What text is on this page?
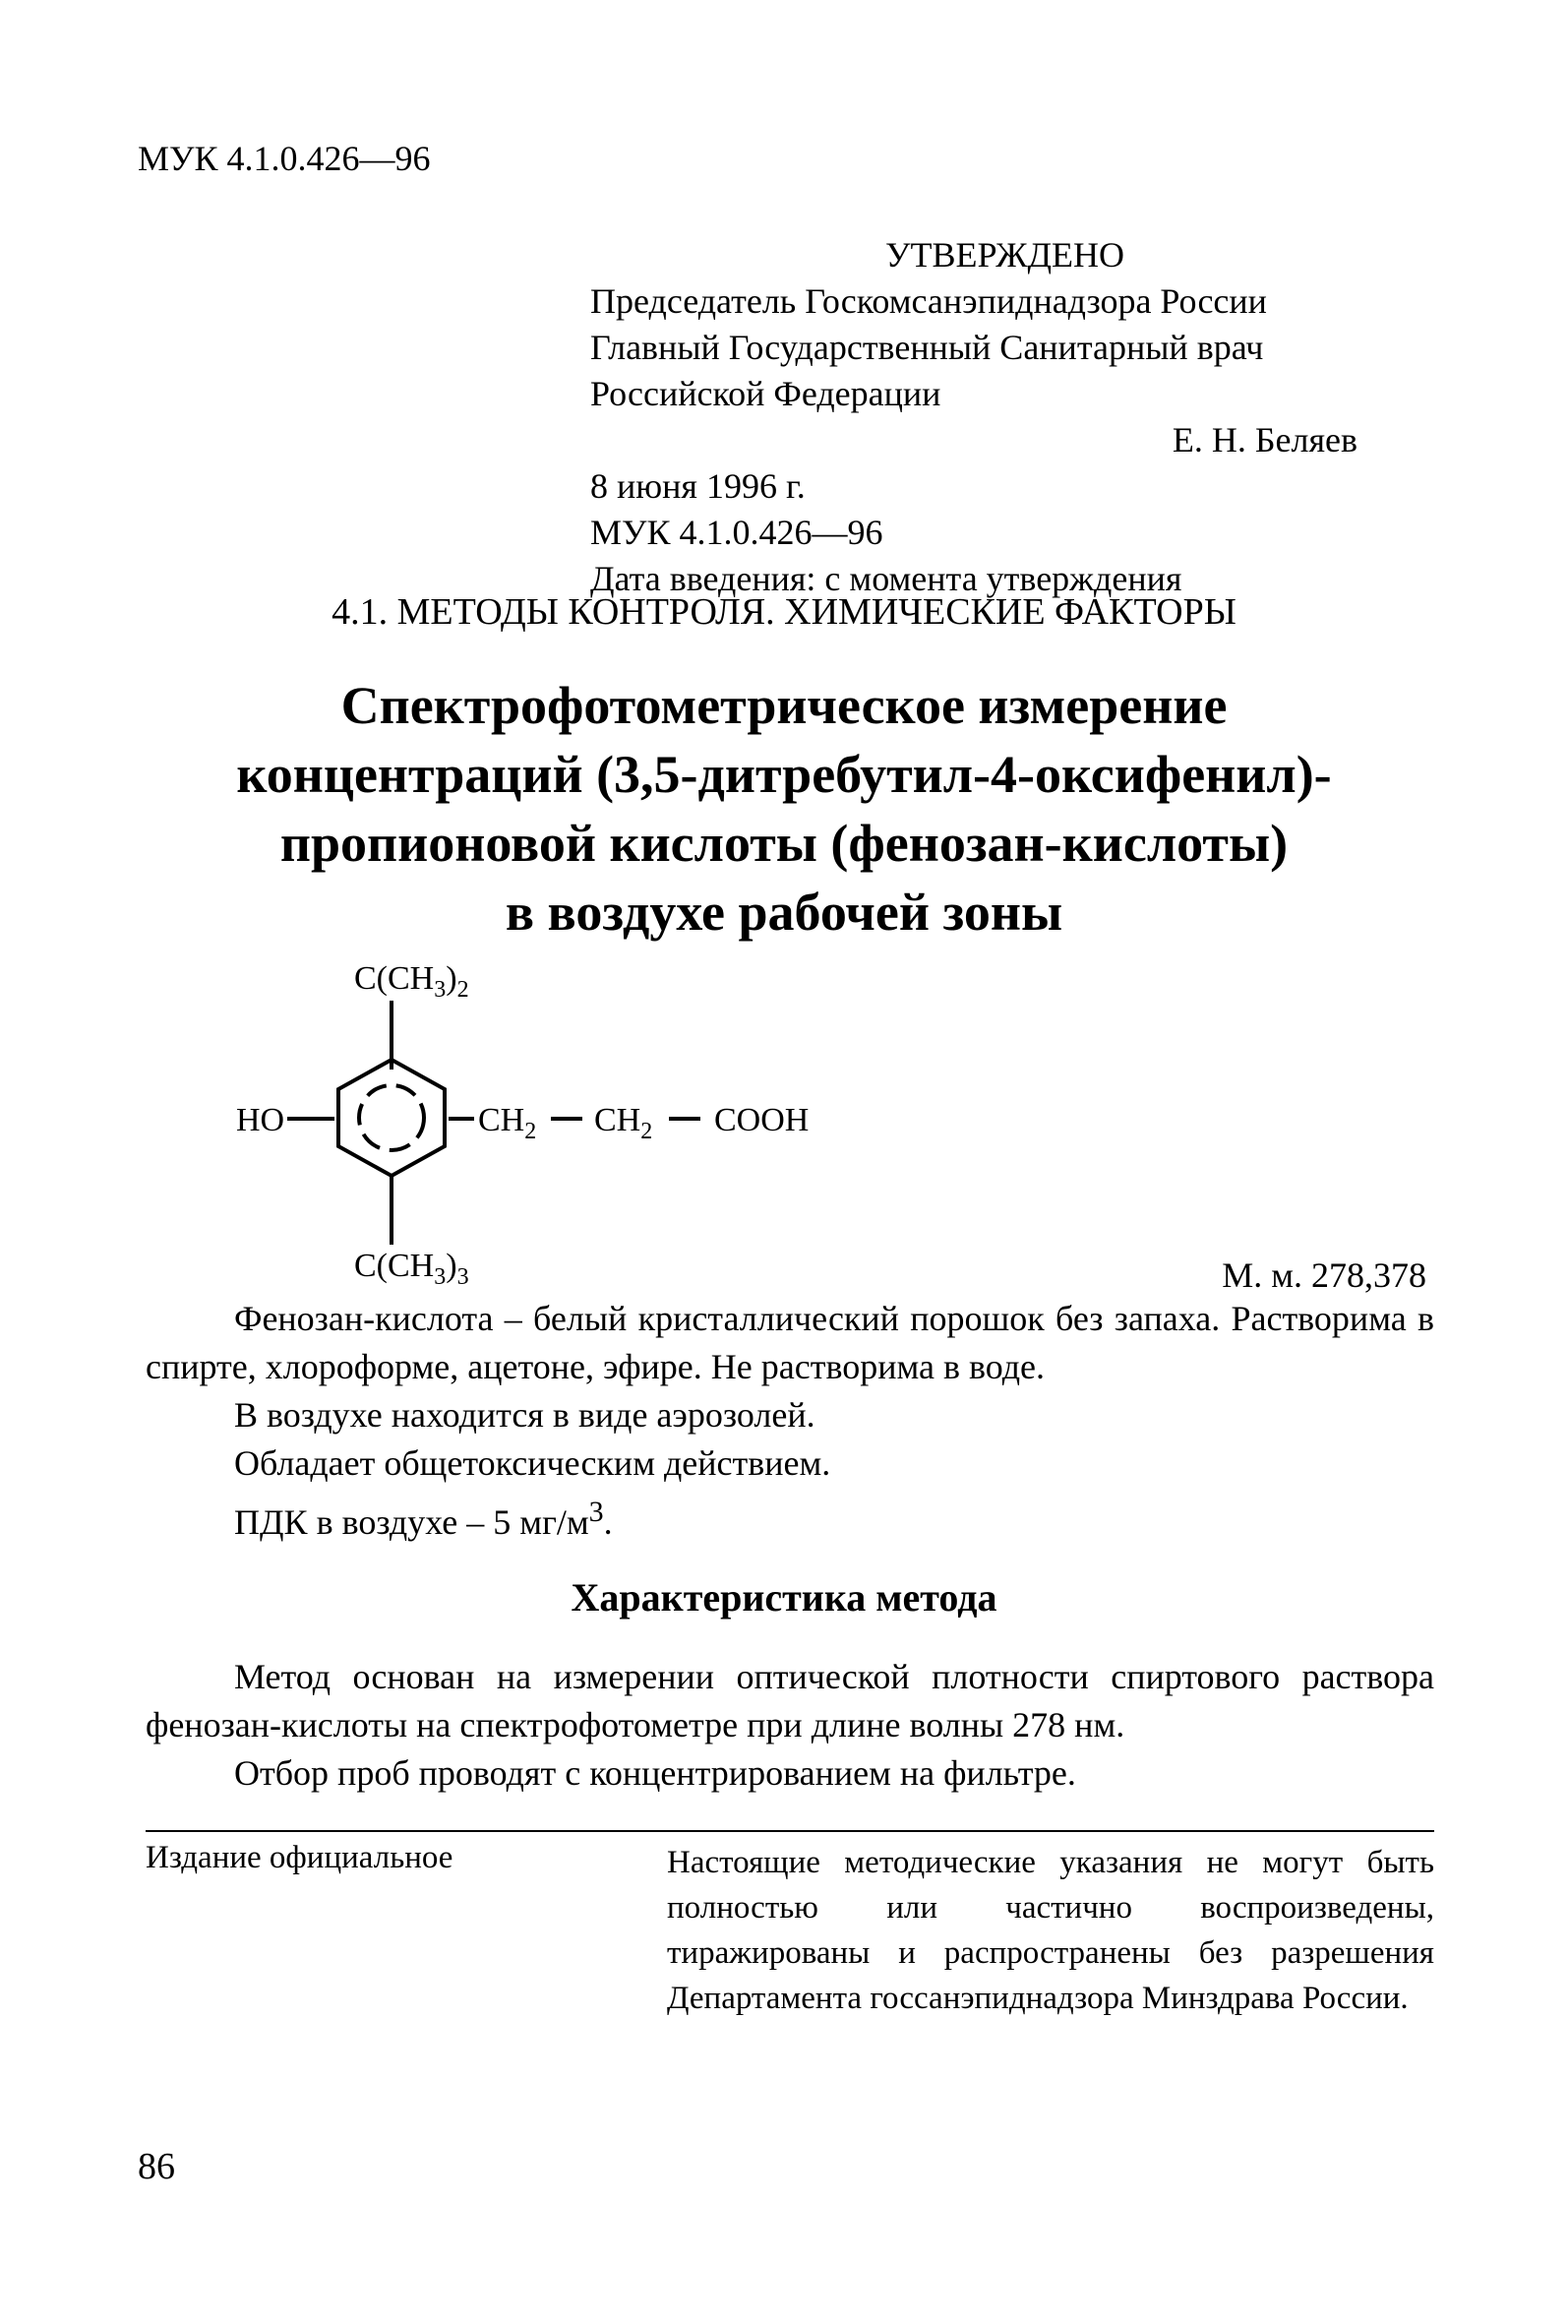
МУК 4.1.0.426—96
УТВЕРЖДЕНО
Председатель Госкомсанэпиднадзора России
Главный Государственный Санитарный врач
Российской Федерации
Е. Н. Беляев
8 июня 1996 г.
МУК 4.1.0.426—96
Дата введения: с момента утверждения
4.1. МЕТОДЫ КОНТРОЛЯ. ХИМИЧЕСКИЕ ФАКТОРЫ
Спектрофотометрическое измерение
концентраций (3,5-дитребутил-4-оксифенил)-
пропионовой кислоты (фенозан-кислоты)
в воздухе рабочей зоны
$C(CH_3)_2$
$C(CH_3)_3$
HO	$CH_2$ $CH_2$ COOH
М. м. 278,378
Фенозан-кислота – белый кристаллический порошок без запаха. Растворима в спирте, хлороформе, ацетоне, эфире. Не растворима в воде.
В воздухе находится в виде аэрозолей.
Обладает общетоксическим действием.
ПДК в воздухе – 5 $мг/м^3$.
Характеристика метода
Метод основан на измерении оптической плотности спиртового раствора фенозан-кислоты на спектрофотометре при длине волны 278 нм.
Отбор проб проводят с концентрированием на фильтре.
Издание официальное	Настоящие методические указания не могут быть полностью или частично воспроизведены, тиражированы и распространены без разрешения Департамента госсанэпиднадзора Минздрава России.
86
